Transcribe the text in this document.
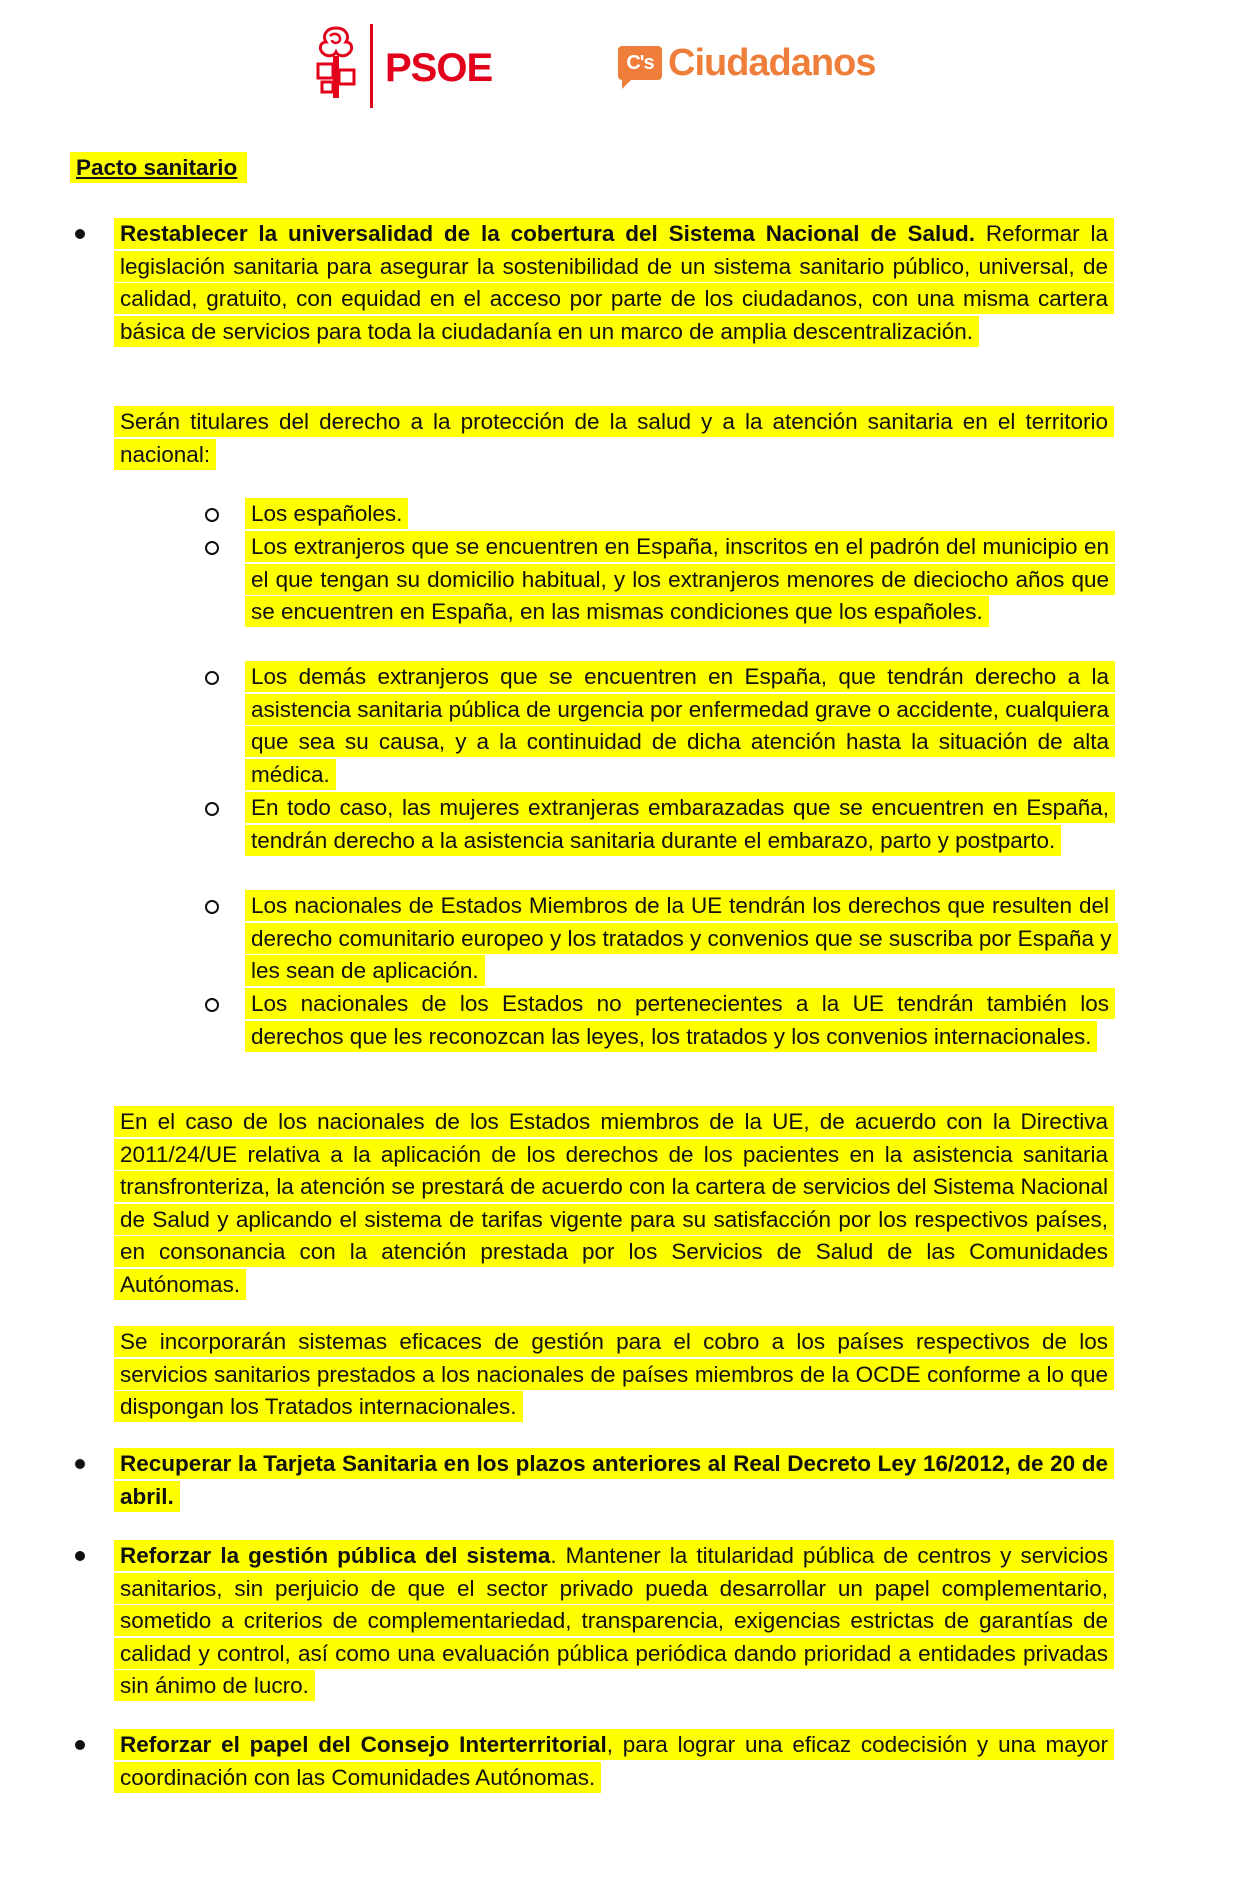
PSOE	C's Ciudadanos
Pacto sanitario
Restablecer la universalidad de la cobertura del Sistema Nacional de Salud. Reformar la legislación sanitaria para asegurar la sostenibilidad de un sistema sanitario público, universal, de calidad, gratuito, con equidad en el acceso por parte de los ciudadanos, con una misma cartera básica de servicios para toda la ciudadanía en un marco de amplia descentralización.
Serán titulares del derecho a la protección de la salud y a la atención sanitaria en el territorio nacional:
Los españoles.
Los extranjeros que se encuentren en España, inscritos en el padrón del municipio en el que tengan su domicilio habitual, y los extranjeros menores de dieciocho años que se encuentren en España, en las mismas condiciones que los españoles.
Los demás extranjeros que se encuentren en España, que tendrán derecho a la asistencia sanitaria pública de urgencia por enfermedad grave o accidente, cualquiera que sea su causa, y a la continuidad de dicha atención hasta la situación de alta médica.
En todo caso, las mujeres extranjeras embarazadas que se encuentren en España, tendrán derecho a la asistencia sanitaria durante el embarazo, parto y postparto.
Los nacionales de Estados Miembros de la UE tendrán los derechos que resulten del derecho comunitario europeo y los tratados y convenios que se suscriba por España y les sean de aplicación.
Los nacionales de los Estados no pertenecientes a la UE tendrán también los derechos que les reconozcan las leyes, los tratados y los convenios internacionales.
En el caso de los nacionales de los Estados miembros de la UE, de acuerdo con la Directiva 2011/24/UE relativa a la aplicación de los derechos de los pacientes en la asistencia sanitaria transfronteriza, la atención se prestará de acuerdo con la cartera de servicios del Sistema Nacional de Salud y aplicando el sistema de tarifas vigente para su satisfacción por los respectivos países, en consonancia con la atención prestada por los Servicios de Salud de las Comunidades Autónomas.
Se incorporarán sistemas eficaces de gestión para el cobro a los países respectivos de los servicios sanitarios prestados a los nacionales de países miembros de la OCDE conforme a lo que dispongan los Tratados internacionales.
Recuperar la Tarjeta Sanitaria en los plazos anteriores al Real Decreto Ley 16/2012, de 20 de abril.
Reforzar la gestión pública del sistema. Mantener la titularidad pública de centros y servicios sanitarios, sin perjuicio de que el sector privado pueda desarrollar un papel complementario, sometido a criterios de complementariedad, transparencia, exigencias estrictas de garantías de calidad y control, así como una evaluación pública periódica dando prioridad a entidades privadas sin ánimo de lucro.
Reforzar el papel del Consejo Interterritorial, para lograr una eficaz codecisión y una mayor coordinación con las Comunidades Autónomas.
